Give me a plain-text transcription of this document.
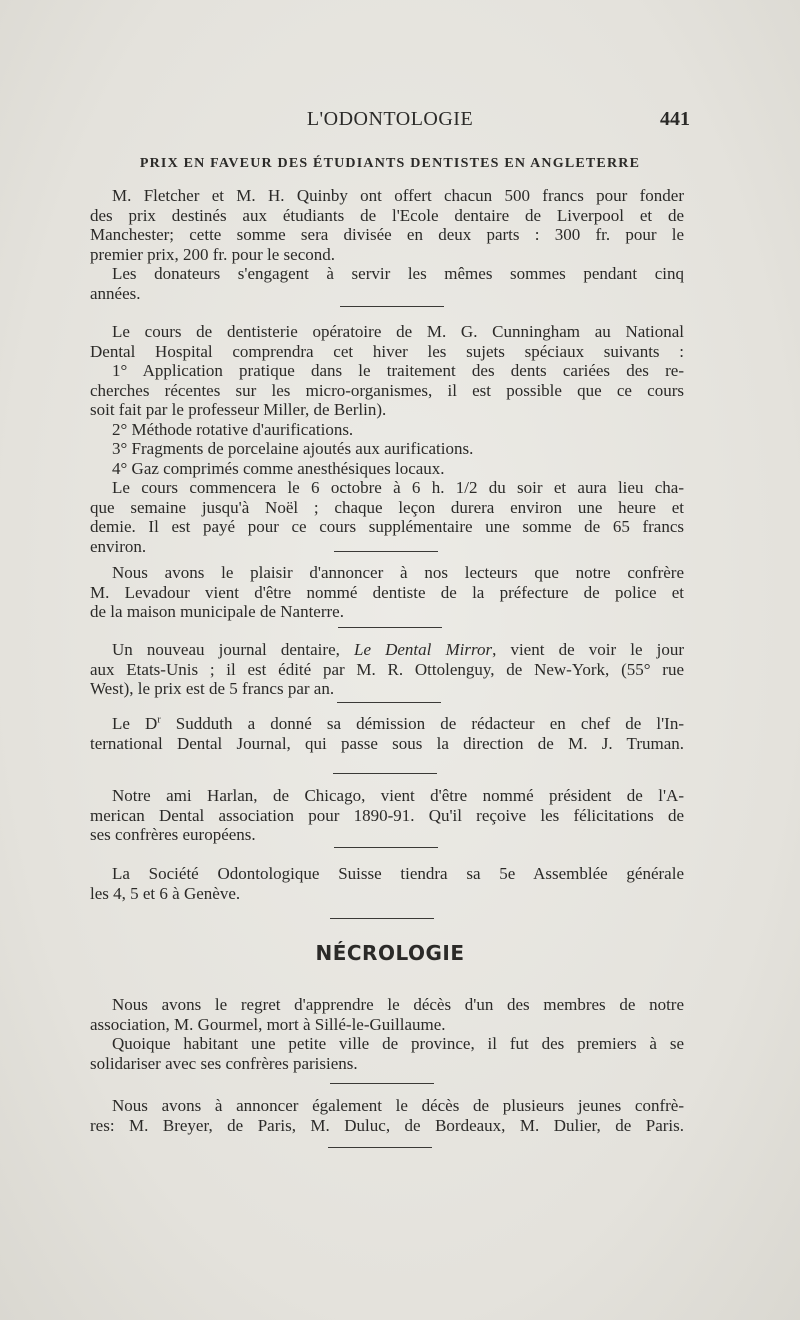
L'ODONTOLOGIE	441
PRIX EN FAVEUR DES ÉTUDIANTS DENTISTES EN ANGLETERRE
M. Fletcher et M. H. Quinby ont offert chacun 500 francs pour fonder
des prix destinés aux étudiants de l'Ecole dentaire de Liverpool et de
Manchester; cette somme sera divisée en deux parts : 300 fr. pour le
premier prix, 200 fr. pour le second.
Les donateurs s'engagent à servir les mêmes sommes pendant cinq
années.
Le cours de dentisterie opératoire de M. G. Cunningham au National
Dental Hospital comprendra cet hiver les sujets spéciaux suivants :
1° Application pratique dans le traitement des dents cariées des re-
cherches récentes sur les micro-organismes, il est possible que ce cours
soit fait par le professeur Miller, de Berlin).
2° Méthode rotative d'aurifications.
3° Fragments de porcelaine ajoutés aux aurifications.
4° Gaz comprimés comme anesthésiques locaux.
Le cours commencera le 6 octobre à 6 h. 1/2 du soir et aura lieu cha-
que semaine jusqu'à Noël ; chaque leçon durera environ une heure et
demie. Il est payé pour ce cours supplémentaire une somme de 65 francs
environ.
Nous avons le plaisir d'annoncer à nos lecteurs que notre confrère
M. Levadour vient d'être nommé dentiste de la préfecture de police et
de la maison municipale de Nanterre.
Un nouveau journal dentaire, Le Dental Mirror, vient de voir le jour
aux Etats-Unis ; il est édité par M. R. Ottolenguy, de New-York, (55° rue
West), le prix est de 5 francs par an.
Le $D^r$ Sudduth a donné sa démission de rédacteur en chef de l'In-
ternational Dental Journal, qui passe sous la direction de M. J. Truman.
Notre ami Harlan, de Chicago, vient d'être nommé président de l'A-
merican Dental association pour 1890-91. Qu'il reçoive les félicitations de
ses confrères européens.
La Société Odontologique Suisse tiendra sa 5e Assemblée générale
les 4, 5 et 6 à Genève.
NÉCROLOGIE
Nous avons le regret d'apprendre le décès d'un des membres de notre
association, M. Gourmel, mort à Sillé-le-Guillaume.
Quoique habitant une petite ville de province, il fut des premiers à se
solidariser avec ses confrères parisiens.
Nous avons à annoncer également le décès de plusieurs jeunes confrè-
res: M. Breyer, de Paris, M. Duluc, de Bordeaux, M. Dulier, de Paris.
